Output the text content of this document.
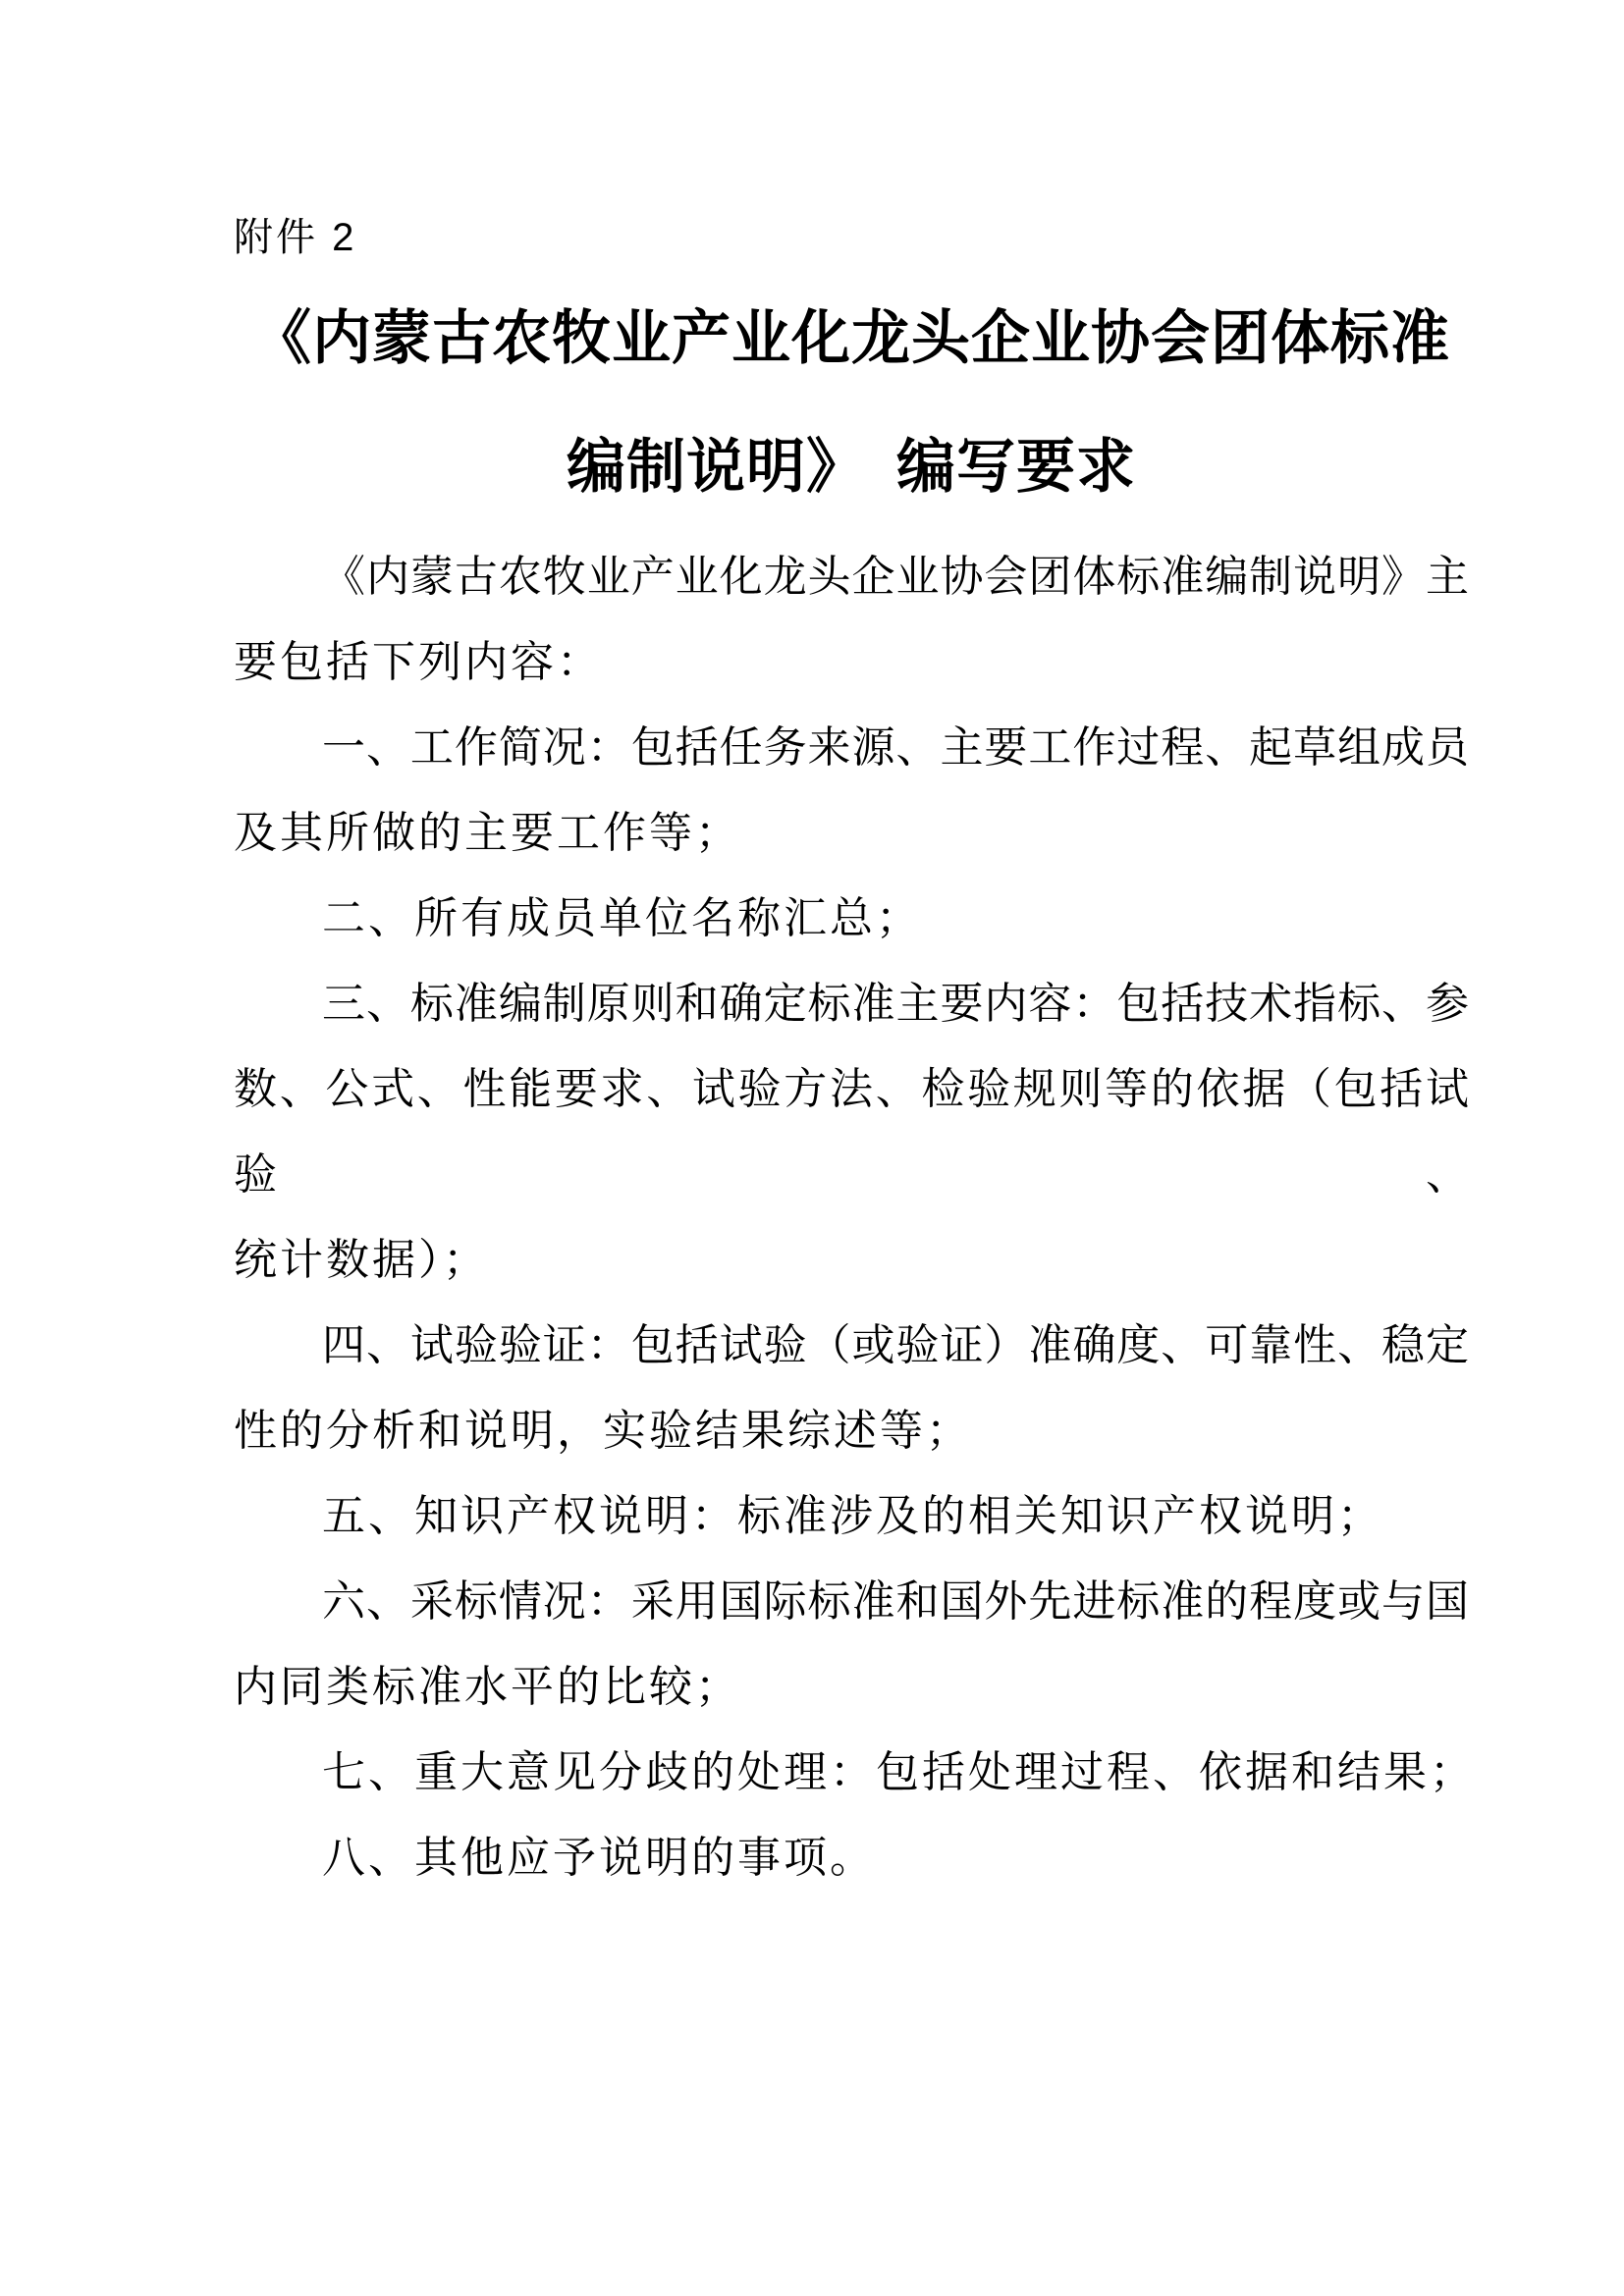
附件 2
《内蒙古农牧业产业化龙头企业协会团体标准
编制说明》　编写要求
《内蒙古农牧业产业化龙头企业协会团体标准编制说明》主
要包括下列内容：
一、工作简况：包括任务来源、主要工作过程、起草组成员
及其所做的主要工作等；
二、所有成员单位名称汇总；
三、标准编制原则和确定标准主要内容：包括技术指标、参
数、公式、性能要求、试验方法、检验规则等的依据（包括试验、
统计数据）；
四、试验验证：包括试验（或验证）准确度、可靠性、稳定
性的分析和说明，实验结果综述等；
五、知识产权说明：标准涉及的相关知识产权说明；
六、采标情况：采用国际标准和国外先进标准的程度或与国
内同类标准水平的比较；
七、重大意见分歧的处理：包括处理过程、依据和结果；
八、其他应予说明的事项。
